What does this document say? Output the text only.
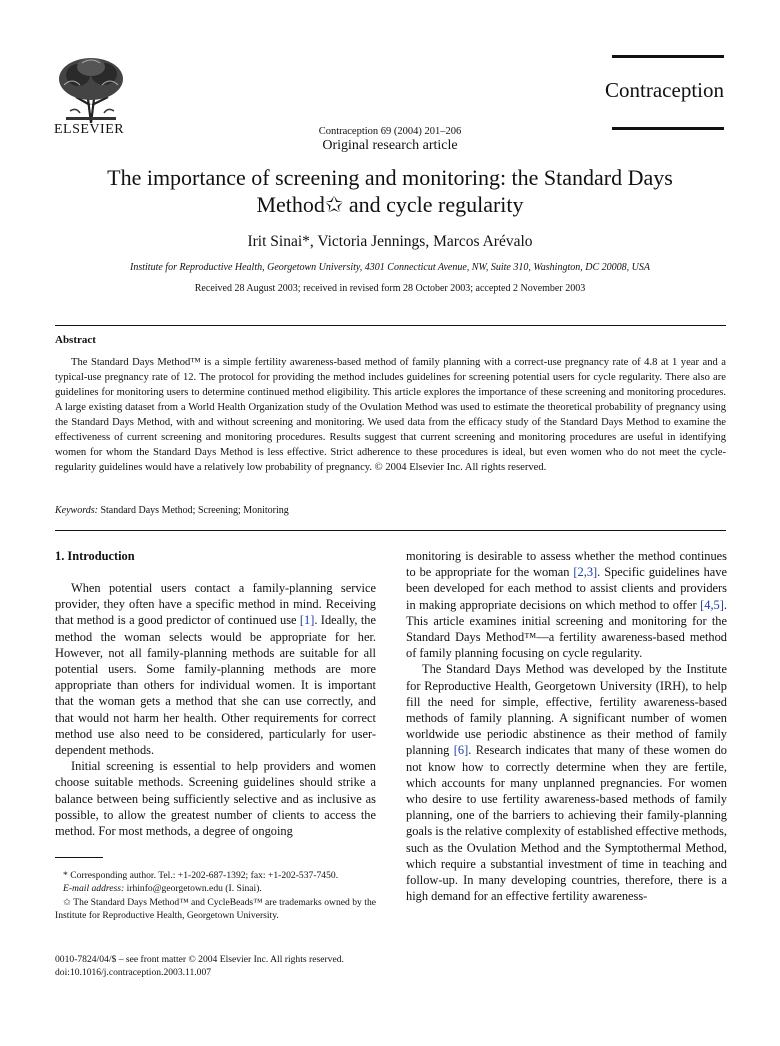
ELSEVIER
Contraception
Contraception 69 (2004) 201–206
Original research article
The importance of screening and monitoring: the Standard Days
Method✩ and cycle regularity
Irit Sinai*, Victoria Jennings, Marcos Arévalo
Institute for Reproductive Health, Georgetown University, 4301 Connecticut Avenue, NW, Suite 310, Washington, DC 20008, USA
Received 28 August 2003; received in revised form 28 October 2003; accepted 2 November 2003
Abstract
The Standard Days Method™ is a simple fertility awareness-based method of family planning with a correct-use pregnancy rate of 4.8 at 1 year and a typical-use pregnancy rate of 12. The protocol for providing the method includes guidelines for screening potential users for cycle regularity. There also are guidelines for monitoring users to determine continued method eligibility. This article explores the importance of these screening and monitoring procedures. A large existing dataset from a World Health Organization study of the Ovulation Method was used to estimate the theoretical probability of pregnancy using the Standard Days Method, with and without screening and monitoring. We used data from the efficacy study of the Standard Days Method to examine the effectiveness of current screening and monitoring procedures. Results suggest that current screening and monitoring procedures are useful in identifying women for whom the Standard Days Method is less effective. Strict adherence to these procedures is ideal, but even women who do not meet the cycle-regularity guidelines would have a relatively low probability of pregnancy. © 2004 Elsevier Inc. All rights reserved.
Keywords: Standard Days Method; Screening; Monitoring
1. Introduction

When potential users contact a family-planning service provider, they often have a specific method in mind. Receiving that method is a good predictor of continued use [1]. Ideally, the method the woman selects would be appropriate for her. However, not all family-planning methods are suitable for all potential users. Some family-planning methods are more appropriate than others for individual women. It is important that the woman gets a method that she can use correctly, and that would not harm her health. Other requirements for correct method use also need to be considered, particularly for user-dependent methods.

Initial screening is essential to help providers and women choose suitable methods. Screening guidelines should strike a balance between being sufficiently selective and as inclusive as possible, to allow the greatest number of clients to access the method. For most methods, a degree of ongoing

* Corresponding author. Tel.: +1-202-687-1392; fax: +1-202-537-7450.

E-mail address: irhinfo@georgetown.edu (I. Sinai).

✩ The Standard Days Method™ and CycleBeads™ are trademarks owned by the Institute for Reproductive Health, Georgetown University.

0010-7824/04/$ – see front matter © 2004 Elsevier Inc. All rights reserved.
doi:10.1016/j.contraception.2003.11.007

monitoring is desirable to assess whether the method continues to be appropriate for the woman [2,3]. Specific guidelines have been developed for each method to assist clients and providers in making appropriate decisions on which method to offer [4,5]. This article examines initial screening and monitoring for the Standard Days Method™—a fertility awareness-based method of family planning focusing on cycle regularity.

The Standard Days Method was developed by the Institute for Reproductive Health, Georgetown University (IRH), to help fill the need for simple, effective, fertility awareness-based methods of family planning. A significant number of women worldwide use periodic abstinence as their method of family planning [6]. Research indicates that many of these women do not know how to correctly determine when they are fertile, which accounts for many unplanned pregnancies. For women who desire to use fertility awareness-based methods of family planning, one of the barriers to achieving their family-planning goals is the relative complexity of established effective methods, such as the Ovulation Method and the Symptothermal Method, which require a substantial investment of time in teaching and follow-up. In many developing countries, therefore, there is a high demand for an effective fertility awareness-
